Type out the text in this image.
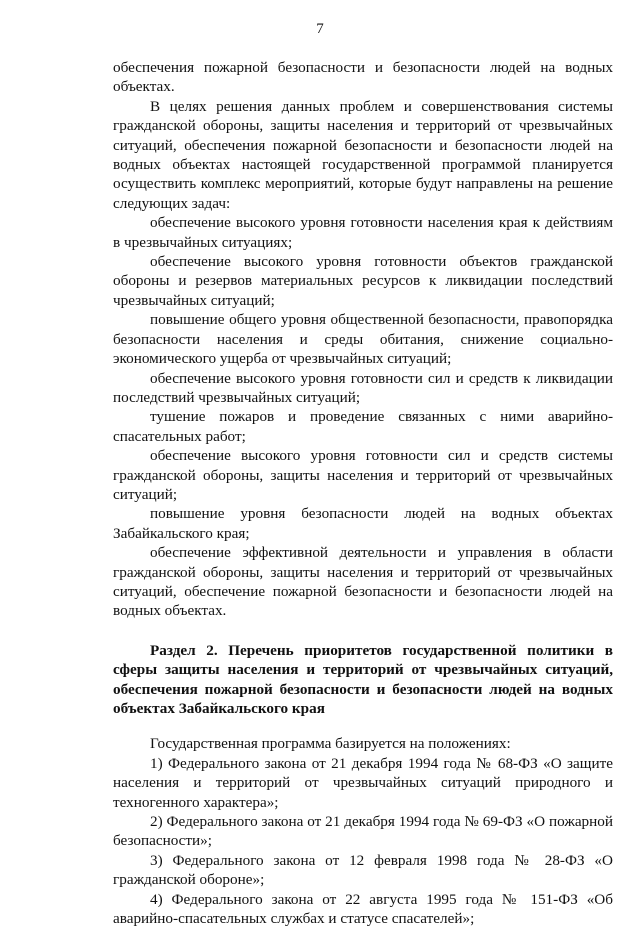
7

обеспечения пожарной безопасности и безопасности людей на водных объектах.

В целях решения данных проблем и совершенствования системы гражданской обороны, защиты населения и территорий от чрезвычайных ситуаций, обеспечения пожарной безопасности и безопасности людей на водных объектах настоящей государственной программой планируется осуществить комплекс мероприятий, которые будут направлены на решение следующих задач:

обеспечение высокого уровня готовности населения края к действиям в чрезвычайных ситуациях;

обеспечение высокого уровня готовности объектов гражданской обороны и резервов материальных ресурсов к ликвидации последствий чрезвычайных ситуаций;

повышение общего уровня общественной безопасности, правопорядка безопасности населения и среды обитания, снижение социально-экономического ущерба от чрезвычайных ситуаций;

обеспечение высокого уровня готовности сил и средств к ликвидации последствий чрезвычайных ситуаций;

тушение пожаров и проведение связанных с ними аварийно-спасательных работ;

обеспечение высокого уровня готовности сил и средств системы гражданской обороны, защиты населения и территорий от чрезвычайных ситуаций;

повышение уровня безопасности людей на водных объектах Забайкальского края;

обеспечение эффективной деятельности и управления в области гражданской обороны, защиты населения и территорий от чрезвычайных ситуаций, обеспечение пожарной безопасности и безопасности людей на водных объектах.

Раздел 2. Перечень приоритетов государственной политики в сферы защиты населения и территорий от чрезвычайных ситуаций, обеспечения пожарной безопасности и безопасности людей на водных объектах Забайкальского края

Государственная программа базируется на положениях:

1) Федерального закона от 21 декабря 1994 года № 68-ФЗ «О защите населения и территорий от чрезвычайных ситуаций природного и техногенного характера»;

2) Федерального закона от 21 декабря 1994 года № 69-ФЗ «О пожарной безопасности»;

3) Федерального закона от 12 февраля 1998 года № 28-ФЗ «О гражданской обороне»;

4) Федерального закона от 22 августа 1995 года № 151-ФЗ «Об аварийно-спасательных службах и статусе спасателей»;
